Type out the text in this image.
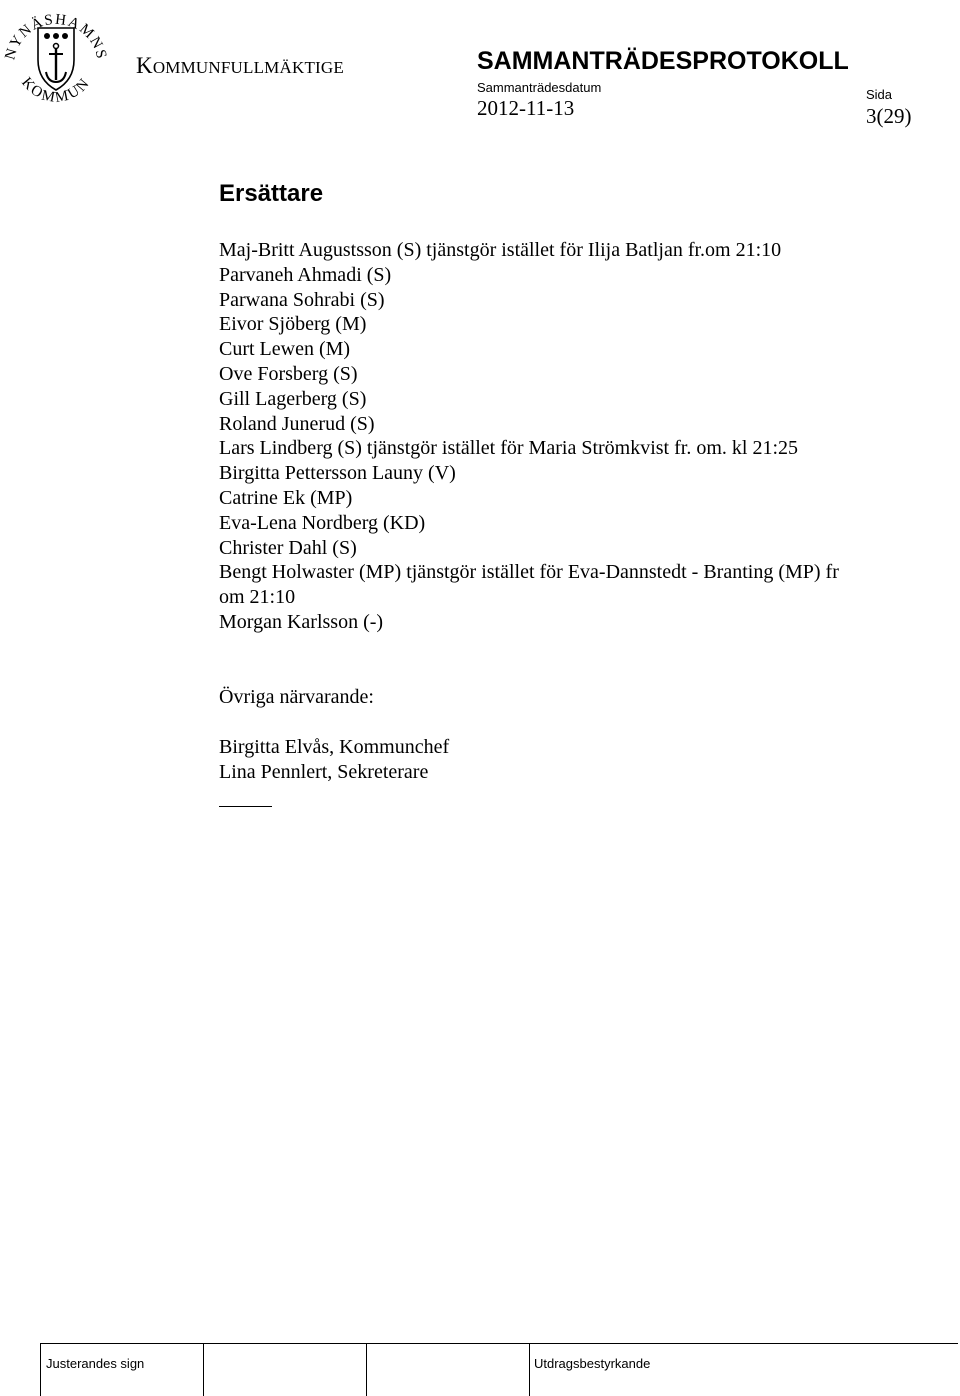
NYNÄSHAMNS
KOMMUN
KOMMUNFULLMÄKTIGE	SAMMANTRÄDESPROTOKOLL
Sammanträdesdatum
2012-11-13
Sida
3(29)
Ersättare
Maj-Britt Augustsson (S) tjänstgör istället för Ilija Batljan fr.om 21:10
Parvaneh Ahmadi (S)
Parwana Sohrabi (S)
Eivor Sjöberg (M)
Curt Lewen (M)
Ove Forsberg (S)
Gill Lagerberg (S)
Roland Junerud (S)
Lars Lindberg (S) tjänstgör istället för Maria Strömkvist fr. om. kl 21:25
Birgitta Pettersson Launy (V)
Catrine Ek (MP)
Eva-Lena Nordberg (KD)
Christer Dahl (S)
Bengt Holwaster (MP) tjänstgör istället för Eva-Dannstedt - Branting (MP) fr
om 21:10
Morgan Karlsson (-)
Övriga närvarande:
Birgitta Elvås, Kommunchef
Lina Pennlert, Sekreterare
Justerandes sign	Utdragsbestyrkande
